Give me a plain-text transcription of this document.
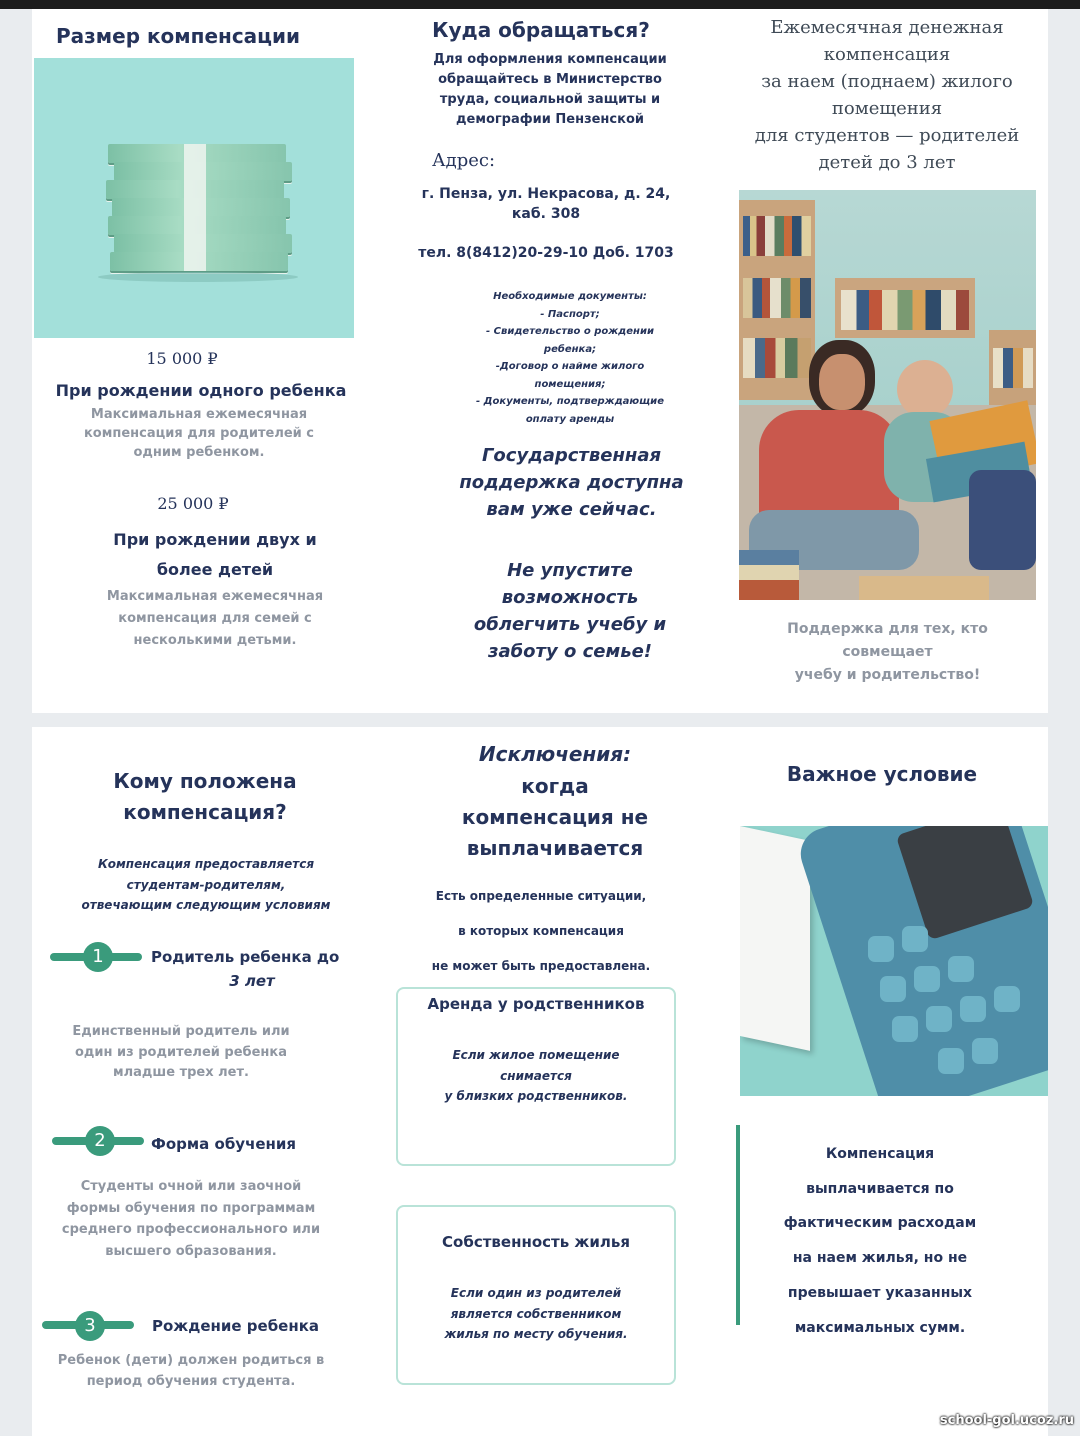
Размер компенсации
15 000 ₽
При рождении одного ребенка
Максимальная ежемесячная
компенсация для родителей с
одним ребенком.
25 000 ₽
При рождении двух и
более детей
Максимальная ежемесячная
компенсация для семей с
несколькими детьми.
Куда обращаться?
Для оформления компенсации
обращайтесь в Министерство
труда, социальной защиты и
демографии Пензенской
Адрес:
г. Пенза, ул. Некрасова, д. 24,
каб. 308
тел. 8(8412)20-29-10 Доб. 1703
Необходимые документы:
- Паспорт;
- Свидетельство о рождении
ребенка;
-Договор о найме жилого
помещения;
- Документы, подтверждающие
оплату аренды
Государственная
поддержка доступна
вам уже сейчас.
Не упустите
возможность
облегчить учебу и
заботу о семье!
Ежемесячная денежная
компенсация
за наем (поднаем) жилого
помещения
для студентов — родителей
детей до 3 лет
Поддержка для тех, кто
совмещает
учебу и родительство!
Кому положена
компенсация?
Компенсация предоставляется
студентам-родителям,
отвечающим следующим условиям
1	Родитель ребенка до
3 лет
Единственный родитель или
один из родителей ребенка
младше трех лет.
2	Форма обучения
Студенты очной или заочной
формы обучения по программам
среднего профессионального или
высшего образования.
3	Рождение ребенка
Ребенок (дети) должен родиться в
период обучения студента.
Исключения:
когда
компенсация не
выплачивается
Есть определенные ситуации,
в которых компенсация
не может быть предоставлена.
Аренда у родственников
Если жилое помещение
снимается
у близких родственников.
Собственность жилья
Если один из родителей
является собственником
жилья по месту обучения.
Важное условие
Компенсация
выплачивается по
фактическим расходам
на наем жилья, но не
превышает указанных
максимальных сумм.
school-gol.ucoz.ru
